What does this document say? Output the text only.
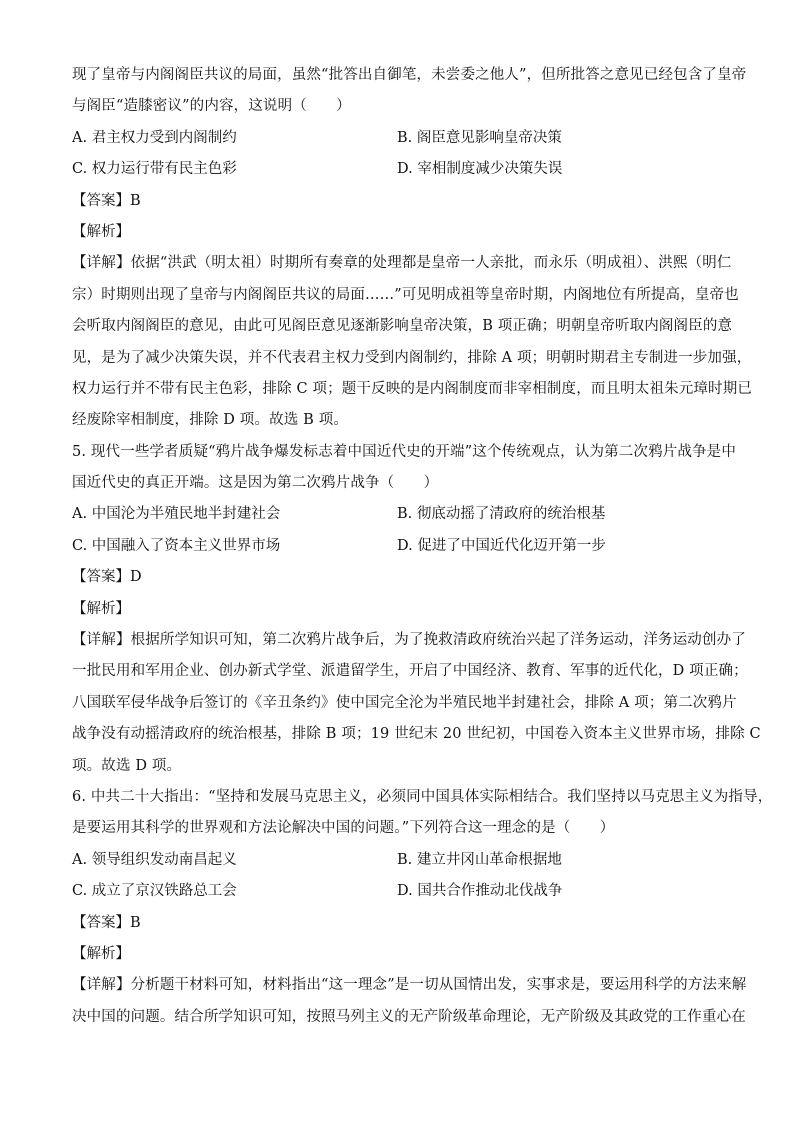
现了皇帝与内阁阁臣共议的局面，虽然“批答出自御笔，未尝委之他人”，但所批答之意见已经包含了皇帝
与阁臣“造膝密议”的内容，这说明（　　）
A. 君主权力受到内阁制约	B. 阁臣意见影响皇帝决策
C. 权力运行带有民主色彩	D. 宰相制度减少决策失误
【答案】B
【解析】
【详解】依据“洪武（明太祖）时期所有奏章的处理都是皇帝一人亲批，而永乐（明成祖）、洪熙（明仁
宗）时期则出现了皇帝与内阁阁臣共议的局面……”可见明成祖等皇帝时期，内阁地位有所提高，皇帝也
会听取内阁阁臣的意见，由此可见阁臣意见逐渐影响皇帝决策，B 项正确；明朝皇帝听取内阁阁臣的意
见，是为了减少决策失误，并不代表君主权力受到内阁制约，排除 A 项；明朝时期君主专制进一步加强，
权力运行并不带有民主色彩，排除 C 项；题干反映的是内阁制度而非宰相制度，而且明太祖朱元璋时期已
经废除宰相制度，排除 D 项。故选 B 项。
5. 现代一些学者质疑“鸦片战争爆发标志着中国近代史的开端”这个传统观点，认为第二次鸦片战争是中
国近代史的真正开端。这是因为第二次鸦片战争（　　）
A. 中国沦为半殖民地半封建社会	B. 彻底动摇了清政府的统治根基
C. 中国融入了资本主义世界市场	D. 促进了中国近代化迈开第一步
【答案】D
【解析】
【详解】根据所学知识可知，第二次鸦片战争后，为了挽救清政府统治兴起了洋务运动，洋务运动创办了
一批民用和军用企业、创办新式学堂、派遣留学生，开启了中国经济、教育、军事的近代化，D 项正确；
八国联军侵华战争后签订的《辛丑条约》使中国完全沦为半殖民地半封建社会，排除 A 项；第二次鸦片
战争没有动摇清政府的统治根基，排除 B 项；19 世纪末 20 世纪初，中国卷入资本主义世界市场，排除 C
项。故选 D 项。
6. 中共二十大指出：“坚持和发展马克思主义，必须同中国具体实际相结合。我们坚持以马克思主义为指导，
是要运用其科学的世界观和方法论解决中国的问题。”下列符合这一理念的是（　　）
A. 领导组织发动南昌起义	B. 建立井冈山革命根据地
C. 成立了京汉铁路总工会	D. 国共合作推动北伐战争
【答案】B
【解析】
【详解】分析题干材料可知，材料指出“这一理念”是一切从国情出发，实事求是，要运用科学的方法来解
决中国的问题。结合所学知识可知，按照马列主义的无产阶级革命理论，无产阶级及其政党的工作重心在
